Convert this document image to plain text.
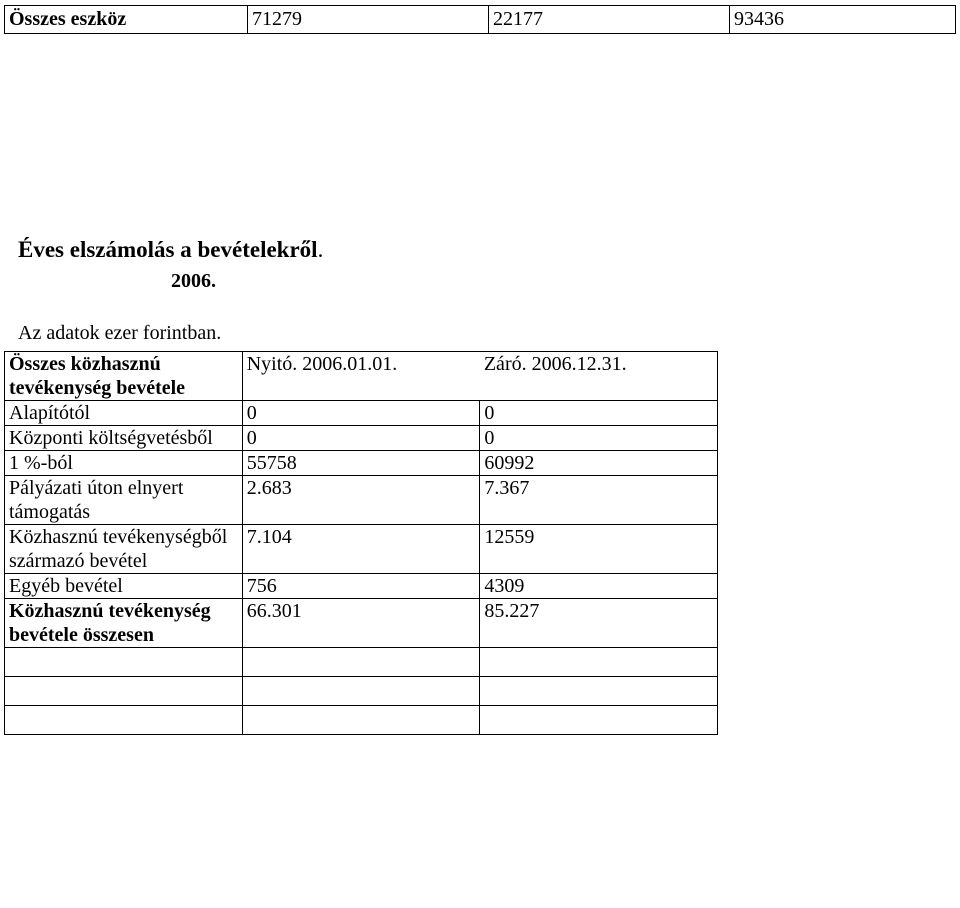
Összes eszköz	71279	22177	93436
Éves elszámolás a bevételekről.
2006.
Az adatok ezer forintban.
Összes közhasznú tevékenység bevétele	Nyitó. 2006.01.01.	Záró. 2006.12.31.
Alapítótól	0	0
Központi költségvetésből	0	0
1 %-ból	55758	60992
Pályázati úton elnyert támogatás	2.683	7.367
Közhasznú tevékenységből származó bevétel	7.104	12559
Egyéb bevétel	756	4309
Közhasznú tevékenység bevétele összesen	66.301	85.227
